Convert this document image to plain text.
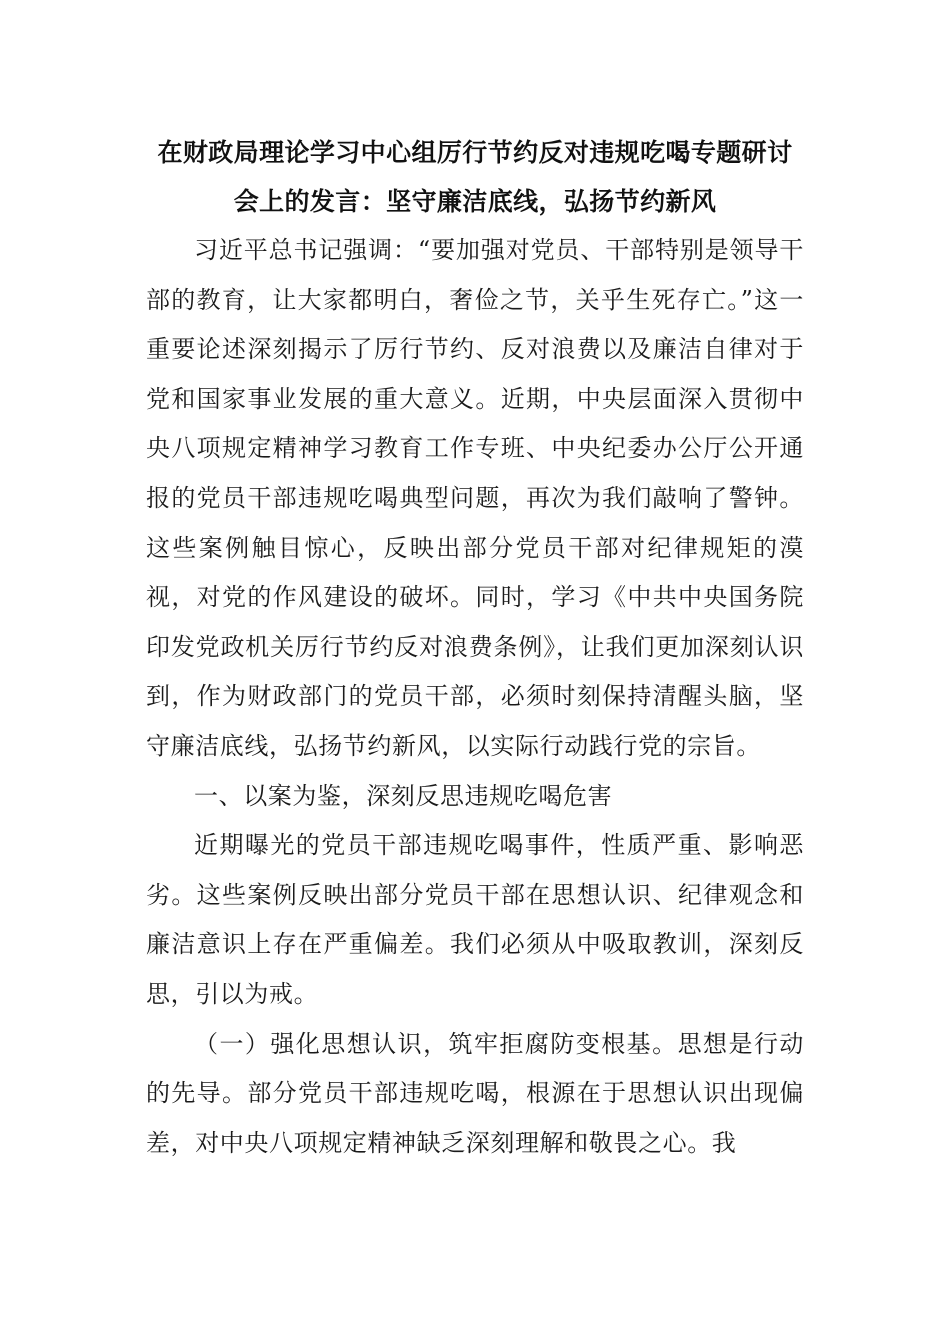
在财政局理论学习中心组厉行节约反对违规吃喝专题研讨
会上的发言：坚守廉洁底线，弘扬节约新风

习近平总书记强调：“要加强对党员、干部特别是领导干部的教育，让大家都明白，奢俭之节，关乎生死存亡。”这一重要论述深刻揭示了厉行节约、反对浪费以及廉洁自律对于党和国家事业发展的重大意义。近期，中央层面深入贯彻中央八项规定精神学习教育工作专班、中央纪委办公厅公开通报的党员干部违规吃喝典型问题，再次为我们敲响了警钟。这些案例触目惊心，反映出部分党员干部对纪律规矩的漠视，对党的作风建设的破坏。同时，学习《中共中央国务院印发党政机关厉行节约反对浪费条例》，让我们更加深刻认识到，作为财政部门的党员干部，必须时刻保持清醒头脑，坚守廉洁底线，弘扬节约新风，以实际行动践行党的宗旨。

一、以案为鉴，深刻反思违规吃喝危害

近期曝光的党员干部违规吃喝事件，性质严重、影响恶劣。这些案例反映出部分党员干部在思想认识、纪律观念和廉洁意识上存在严重偏差。我们必须从中吸取教训，深刻反思，引以为戒。

（一）强化思想认识，筑牢拒腐防变根基。思想是行动的先导。部分党员干部违规吃喝，根源在于思想认识出现偏差，对中央八项规定精神缺乏深刻理解和敬畏之心。我
